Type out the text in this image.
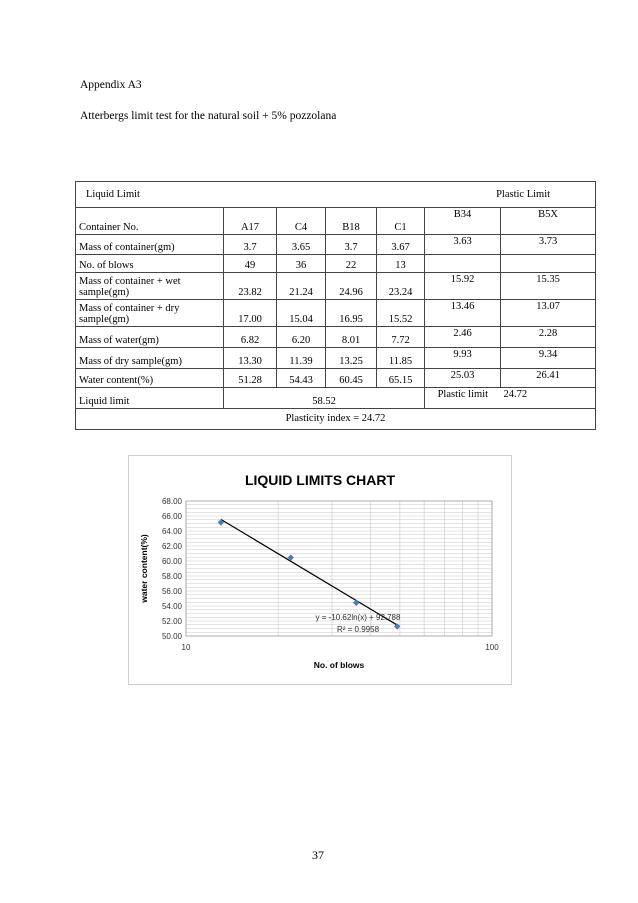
Appendix A3
Atterbergs limit test for the natural soil + 5% pozzolana
Liquid Limit					Plastic Limit	
Container No.	A17	C4	B18	C1	B34	B5X
Mass of container(gm)	3.7	3.65	3.7	3.67	3.63	3.73
No. of blows	49	36	22	13		
Mass of container + wet sample(gm)	23.82	21.24	24.96	23.24	15.92	15.35
Mass of container + dry sample(gm)	17.00	15.04	16.95	15.52	13.46	13.07
Mass of water(gm)	6.82	6.20	8.01	7.72	2.46	2.28
Mass of dry sample(gm)	13.30	11.39	13.25	11.85	9.93	9.34
Water content(%)	51.28	54.43	60.45	65.15	25.03	26.41
Liquid limit	58.52				Plastic limit	24.72
Plasticity index = 24.72						
50.00
52.00
54.00
56.00
58.00
60.00
62.00
64.00
66.00
68.00
10	100
LIQUID LIMITS CHART
No. of blows
water content(%)
y = -10.62ln(x) + 92.788
R² = 0.9958
37
